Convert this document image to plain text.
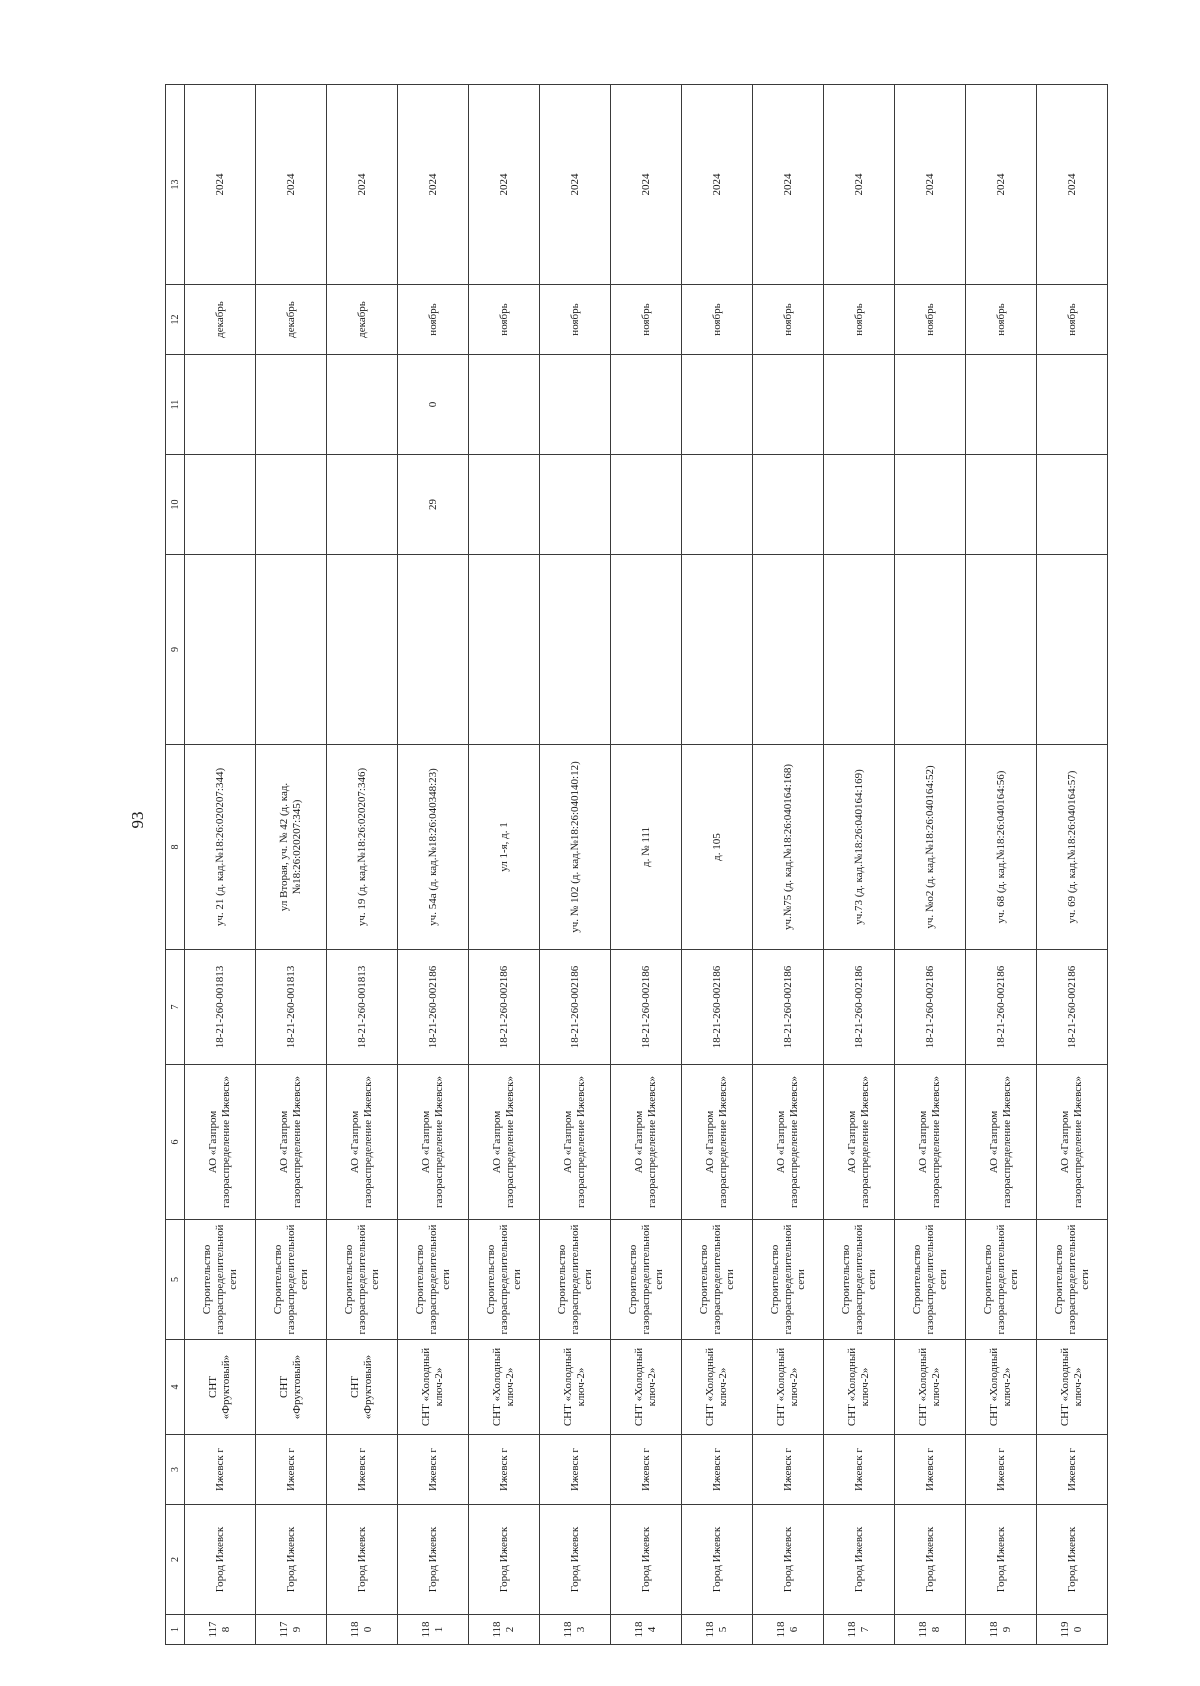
93
1	2	3	4	5	6	7	8	9	10	11	12	13
1178	Город Ижевск	Ижевск г	СНТ «Фруктовый»	Строительство газораспределительной сети	АО «Газпром газораспределение Ижевск»	18-21-260-001813	уч. 21 (д. кад.№18:26:020207:344)				декабрь	2024
1179	Город Ижевск	Ижевск г	СНТ «Фруктовый»	Строительство газораспределительной сети	АО «Газпром газораспределение Ижевск»	18-21-260-001813	ул Вторая, уч. № 42 (д. кад.№18:26:020207:345)				декабрь	2024
1180	Город Ижевск	Ижевск г	СНТ «Фруктовый»	Строительство газораспределительной сети	АО «Газпром газораспределение Ижевск»	18-21-260-001813	уч. 19 (д. кад.№18:26:020207:346)				декабрь	2024
1181	Город Ижевск	Ижевск г	СНТ «Холодный ключ-2»	Строительство газораспределительной сети	АО «Газпром газораспределение Ижевск»	18-21-260-002186	уч. 54а (д. кад.№18:26:040348:23)		29	0	ноябрь	2024
1182	Город Ижевск	Ижевск г	СНТ «Холодный ключ-2»	Строительство газораспределительной сети	АО «Газпром газораспределение Ижевск»	18-21-260-002186	ул 1-я, д. 1				ноябрь	2024
1183	Город Ижевск	Ижевск г	СНТ «Холодный ключ-2»	Строительство газораспределительной сети	АО «Газпром газораспределение Ижевск»	18-21-260-002186	уч. № 102 (д. кад.№18:26:040140:12)				ноябрь	2024
1184	Город Ижевск	Ижевск г	СНТ «Холодный ключ-2»	Строительство газораспределительной сети	АО «Газпром газораспределение Ижевск»	18-21-260-002186	д. № 111				ноябрь	2024
1185	Город Ижевск	Ижевск г	СНТ «Холодный ключ-2»	Строительство газораспределительной сети	АО «Газпром газораспределение Ижевск»	18-21-260-002186	д. 105				ноябрь	2024
1186	Город Ижевск	Ижевск г	СНТ «Холодный ключ-2»	Строительство газораспределительной сети	АО «Газпром газораспределение Ижевск»	18-21-260-002186	уч.№75 (д. кад.№18:26:040164:168)				ноябрь	2024
1187	Город Ижевск	Ижевск г	СНТ «Холодный ключ-2»	Строительство газораспределительной сети	АО «Газпром газораспределение Ижевск»	18-21-260-002186	уч.73 (д. кад.№18:26:040164:169)				ноябрь	2024
1188	Город Ижевск	Ижевск г	СНТ «Холодный ключ-2»	Строительство газораспределительной сети	АО «Газпром газораспределение Ижевск»	18-21-260-002186	уч. №о2 (д. кад.№18:26:040164:52)				ноябрь	2024
1189	Город Ижевск	Ижевск г	СНТ «Холодный ключ-2»	Строительство газораспределительной сети	АО «Газпром газораспределение Ижевск»	18-21-260-002186	уч. 68 (д. кад.№18:26:040164:56)				ноябрь	2024
1190	Город Ижевск	Ижевск г	СНТ «Холодный ключ-2»	Строительство газораспределительной сети	АО «Газпром газораспределение Ижевск»	18-21-260-002186	уч. 69 (д. кад.№18:26:040164:57)				ноябрь	2024
